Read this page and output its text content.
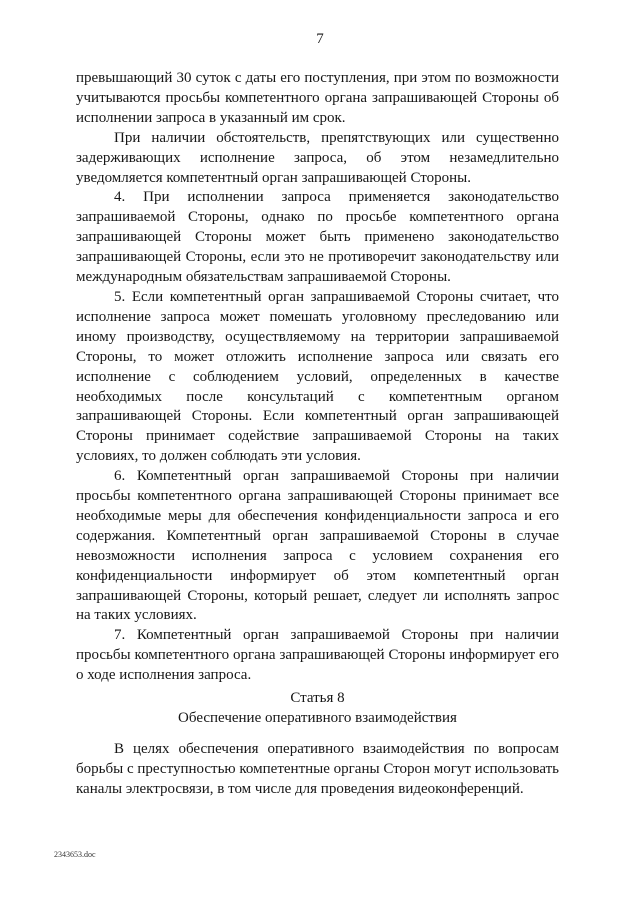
7

превышающий 30 суток с даты его поступления, при этом по возможности учитываются просьбы компетентного органа запрашивающей Стороны об исполнении запроса в указанный им срок.

При наличии обстоятельств, препятствующих или существенно задерживающих исполнение запроса, об этом незамедлительно уведомляется компетентный орган запрашивающей Стороны.

4. При исполнении запроса применяется законодательство запрашиваемой Стороны, однако по просьбе компетентного органа запрашивающей Стороны может быть применено законодательство запрашивающей Стороны, если это не противоречит законодательству или международным обязательствам запрашиваемой Стороны.

5. Если компетентный орган запрашиваемой Стороны считает, что исполнение запроса может помешать уголовному преследованию или иному производству, осуществляемому на территории запрашиваемой Стороны, то может отложить исполнение запроса или связать его исполнение с соблюдением условий, определенных в качестве необходимых после консультаций с компетентным органом запрашивающей Стороны. Если компетентный орган запрашивающей Стороны принимает содействие запрашиваемой Стороны на таких условиях, то должен соблюдать эти условия.

6. Компетентный орган запрашиваемой Стороны при наличии просьбы компетентного органа запрашивающей Стороны принимает все необходимые меры для обеспечения конфиденциальности запроса и его содержания. Компетентный орган запрашиваемой Стороны в случае невозможности исполнения запроса с условием сохранения его конфиденциальности информирует об этом компетентный орган запрашивающей Стороны, который решает, следует ли исполнять запрос на таких условиях.

7. Компетентный орган запрашиваемой Стороны при наличии просьбы компетентного органа запрашивающей Стороны информирует его о ходе исполнения запроса.

Статья 8
Обеспечение оперативного взаимодействия

В целях обеспечения оперативного взаимодействия по вопросам борьбы с преступностью компетентные органы Сторон могут использовать каналы электросвязи, в том числе для проведения видеоконференций.

2343653.doc
